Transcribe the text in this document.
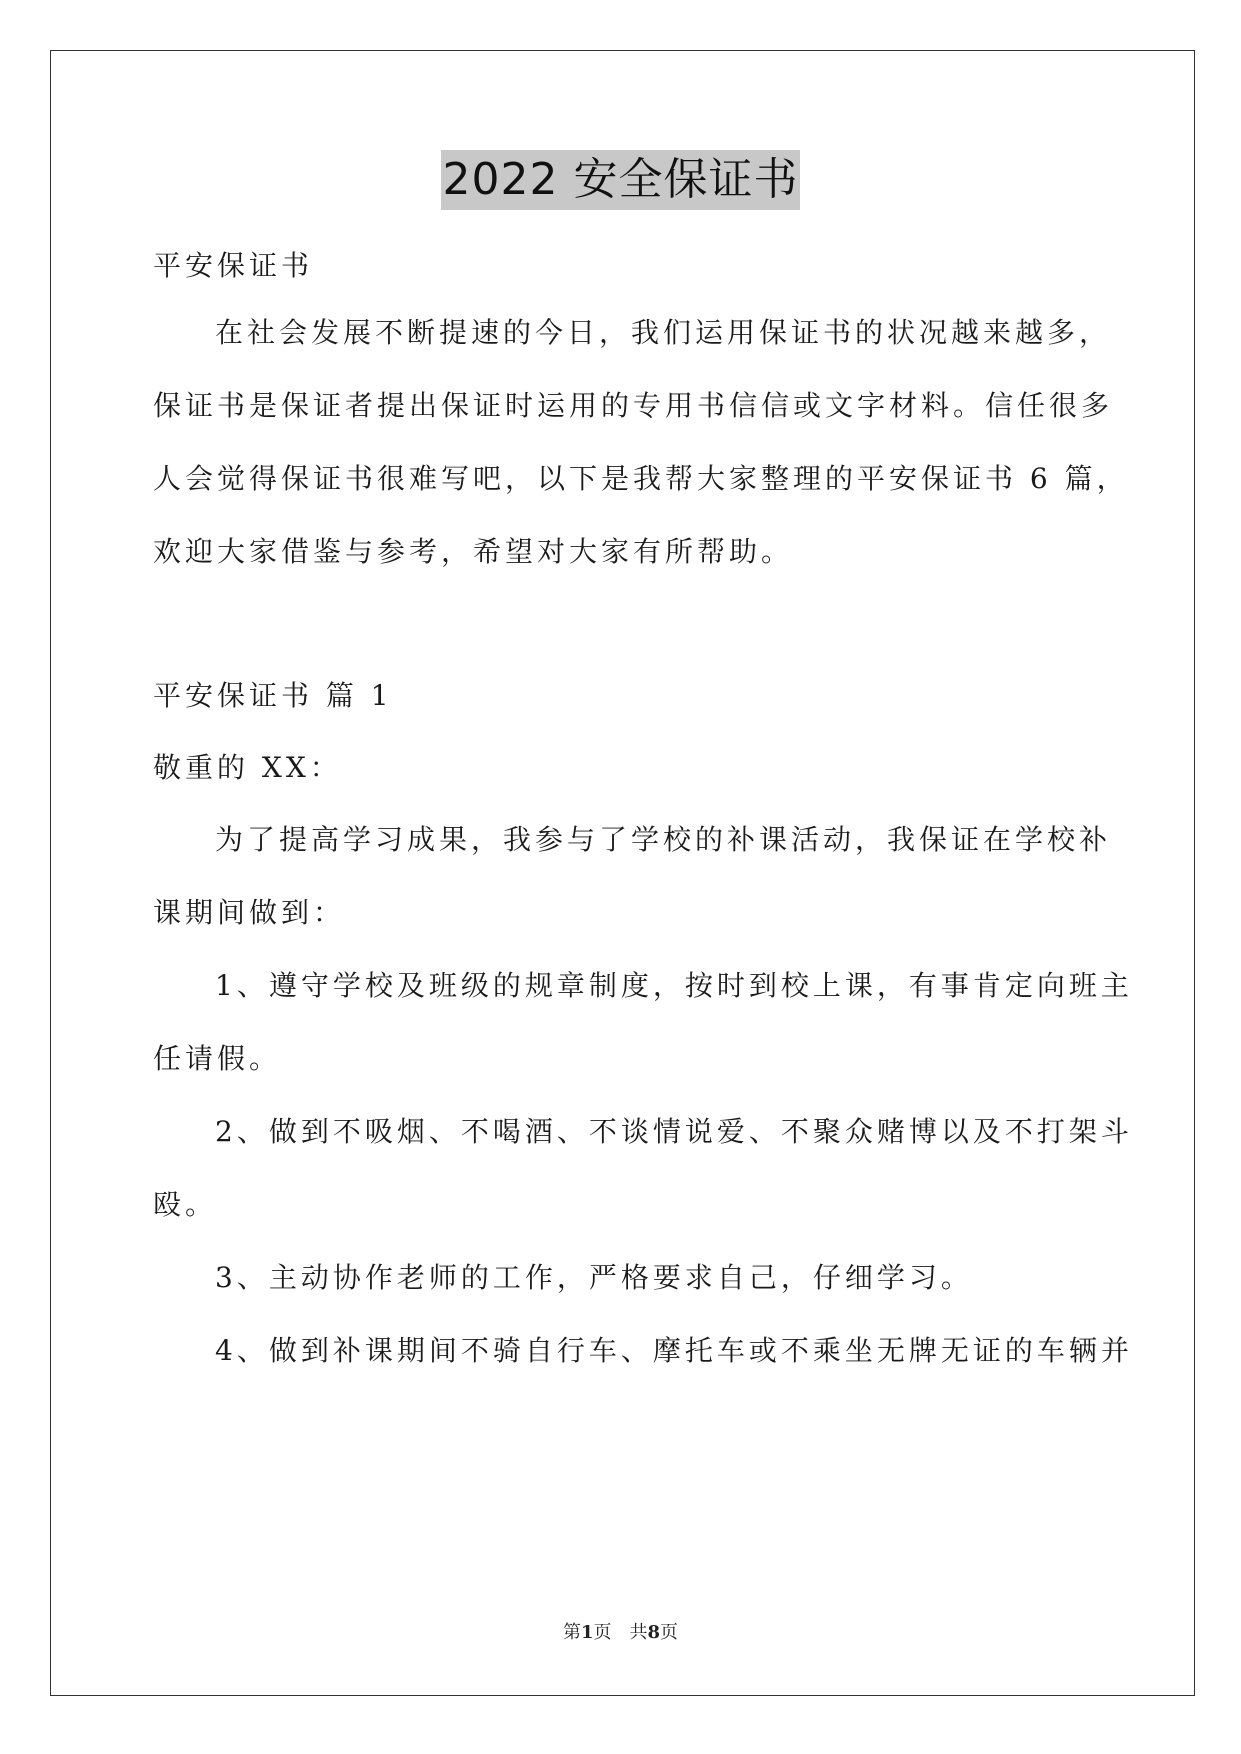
2022 安全保证书
平安保证书
在社会发展不断提速的今日，我们运用保证书的状况越来越多，
保证书是保证者提出保证时运用的专用书信信或文字材料。信任很多
人会觉得保证书很难写吧，以下是我帮大家整理的平安保证书 6 篇，
欢迎大家借鉴与参考，希望对大家有所帮助。
平安保证书 篇 1
敬重的 XX：
为了提高学习成果，我参与了学校的补课活动，我保证在学校补
课期间做到：
1、遵守学校及班级的规章制度，按时到校上课，有事肯定向班主
任请假。
2、做到不吸烟、不喝酒、不谈情说爱、不聚众赌博以及不打架斗
殴。
3、主动协作老师的工作，严格要求自己，仔细学习。
4、做到补课期间不骑自行车、摩托车或不乘坐无牌无证的车辆并
第1页　共8页
